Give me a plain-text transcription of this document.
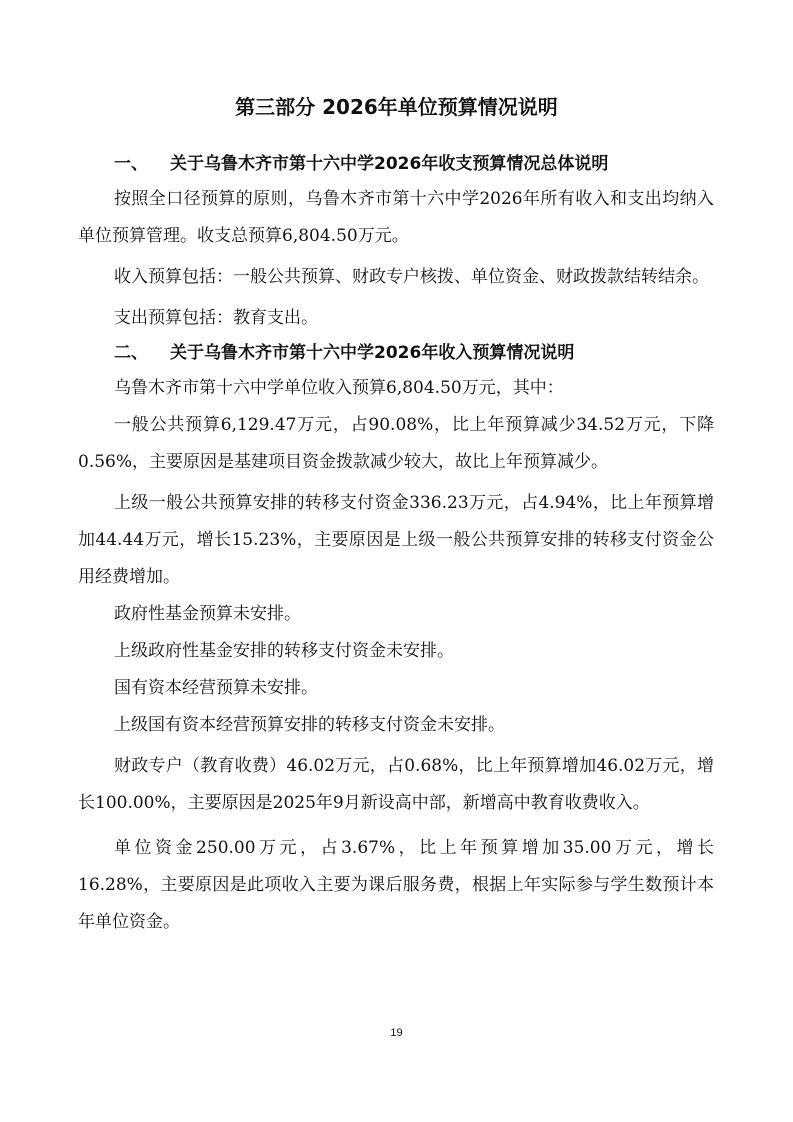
第三部分 2026年单位预算情况说明
一、 关于乌鲁木齐市第十六中学2026年收支预算情况总体说明

按照全口径预算的原则，乌鲁木齐市第十六中学2026年所有收入和支出均纳入单位预算管理。收支总预算6,804.50万元。

收入预算包括：一般公共预算、财政专户核拨、单位资金、财政拨款结转结余。

支出预算包括：教育支出。

二、 关于乌鲁木齐市第十六中学2026年收入预算情况说明

乌鲁木齐市第十六中学单位收入预算6,804.50万元，其中：

一般公共预算6,129.47万元，占90.08%，比上年预算减少34.52万元，下降0.56%，主要原因是基建项目资金拨款减少较大，故比上年预算减少。

上级一般公共预算安排的转移支付资金336.23万元，占4.94%，比上年预算增加44.44万元，增长15.23%，主要原因是上级一般公共预算安排的转移支付资金公用经费增加。

政府性基金预算未安排。

上级政府性基金安排的转移支付资金未安排。

国有资本经营预算未安排。

上级国有资本经营预算安排的转移支付资金未安排。

财政专户（教育收费）46.02万元，占0.68%，比上年预算增加46.02万元，增长100.00%，主要原因是2025年9月新设高中部，新增高中教育收费收入。

单位资金250.00万元，占3.67%，比上年预算增加35.00万元，增长16.28%，主要原因是此项收入主要为课后服务费，根据上年实际参与学生数预计本年单位资金。

19
